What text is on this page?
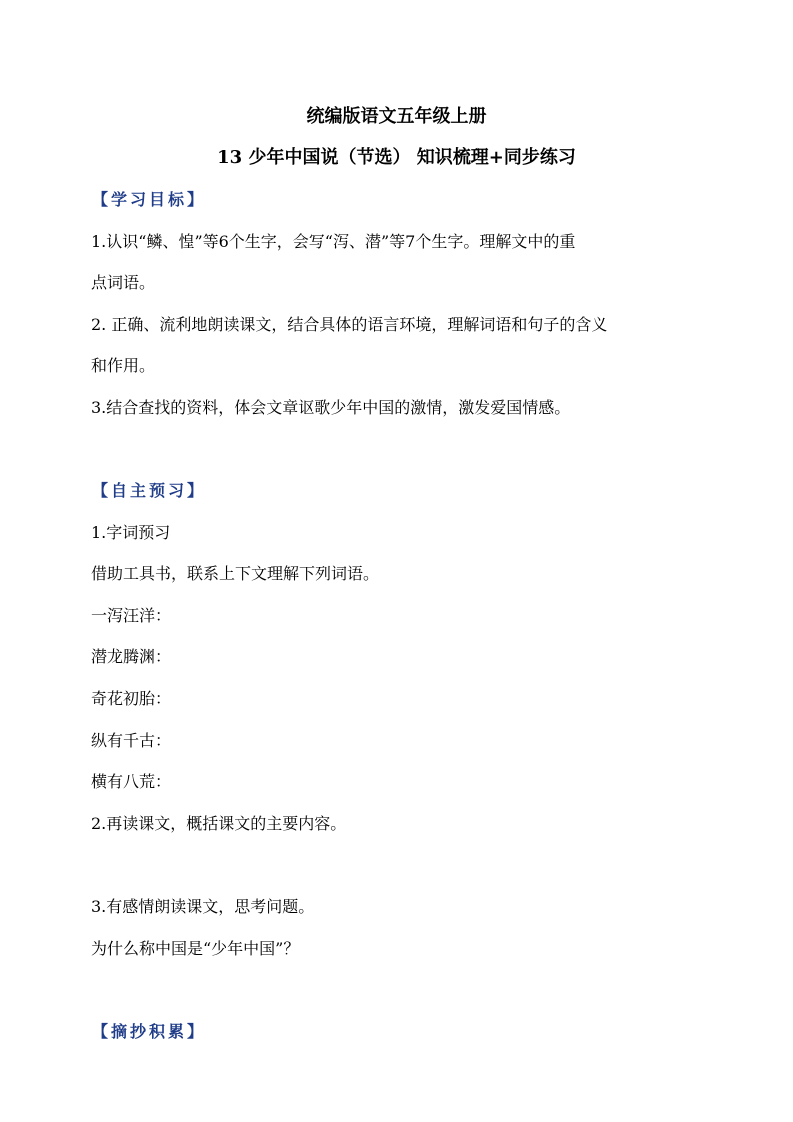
统编版语文五年级上册
13 少年中国说（节选） 知识梳理+同步练习
【学习目标】
1.认识“鳞、惶”等6个生字，会写“泻、潜”等7个生字。理解文中的重
点词语。
2. 正确、流利地朗读课文，结合具体的语言环境，理解词语和句子的含义
和作用。
3.结合查找的资料，体会文章讴歌少年中国的激情，激发爱国情感。
【自主预习】
1.字词预习
借助工具书，联系上下文理解下列词语。
一泻汪洋：
潜龙腾渊：
奇花初胎：
纵有千古：
横有八荒：
2.再读课文，概括课文的主要内容。
3.有感情朗读课文，思考问题。
为什么称中国是“少年中国”？
【摘抄积累】
